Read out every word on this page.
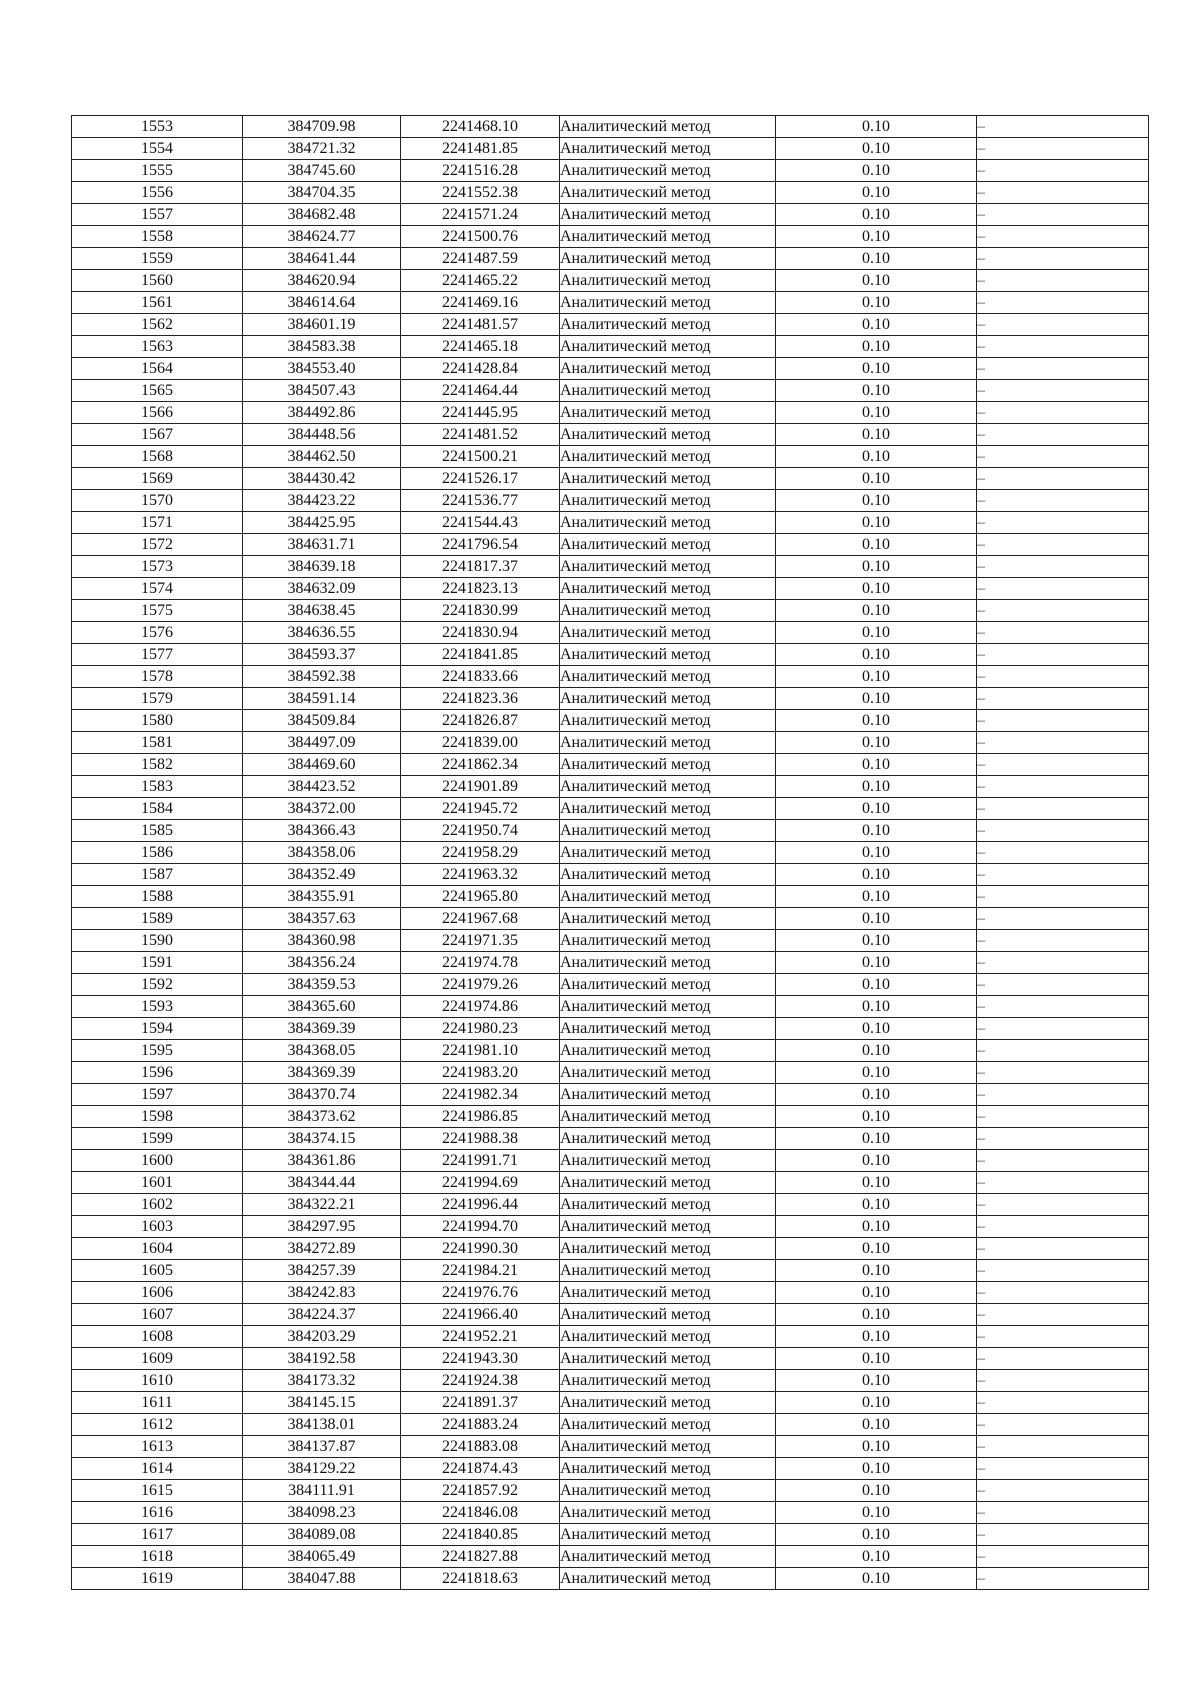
1553	384709.98	2241468.10	Аналитический метод	0.10	–
1554	384721.32	2241481.85	Аналитический метод	0.10	–
1555	384745.60	2241516.28	Аналитический метод	0.10	–
1556	384704.35	2241552.38	Аналитический метод	0.10	–
1557	384682.48	2241571.24	Аналитический метод	0.10	–
1558	384624.77	2241500.76	Аналитический метод	0.10	–
1559	384641.44	2241487.59	Аналитический метод	0.10	–
1560	384620.94	2241465.22	Аналитический метод	0.10	–
1561	384614.64	2241469.16	Аналитический метод	0.10	–
1562	384601.19	2241481.57	Аналитический метод	0.10	–
1563	384583.38	2241465.18	Аналитический метод	0.10	–
1564	384553.40	2241428.84	Аналитический метод	0.10	–
1565	384507.43	2241464.44	Аналитический метод	0.10	–
1566	384492.86	2241445.95	Аналитический метод	0.10	–
1567	384448.56	2241481.52	Аналитический метод	0.10	–
1568	384462.50	2241500.21	Аналитический метод	0.10	–
1569	384430.42	2241526.17	Аналитический метод	0.10	–
1570	384423.22	2241536.77	Аналитический метод	0.10	–
1571	384425.95	2241544.43	Аналитический метод	0.10	–
1572	384631.71	2241796.54	Аналитический метод	0.10	–
1573	384639.18	2241817.37	Аналитический метод	0.10	–
1574	384632.09	2241823.13	Аналитический метод	0.10	–
1575	384638.45	2241830.99	Аналитический метод	0.10	–
1576	384636.55	2241830.94	Аналитический метод	0.10	–
1577	384593.37	2241841.85	Аналитический метод	0.10	–
1578	384592.38	2241833.66	Аналитический метод	0.10	–
1579	384591.14	2241823.36	Аналитический метод	0.10	–
1580	384509.84	2241826.87	Аналитический метод	0.10	–
1581	384497.09	2241839.00	Аналитический метод	0.10	–
1582	384469.60	2241862.34	Аналитический метод	0.10	–
1583	384423.52	2241901.89	Аналитический метод	0.10	–
1584	384372.00	2241945.72	Аналитический метод	0.10	–
1585	384366.43	2241950.74	Аналитический метод	0.10	–
1586	384358.06	2241958.29	Аналитический метод	0.10	–
1587	384352.49	2241963.32	Аналитический метод	0.10	–
1588	384355.91	2241965.80	Аналитический метод	0.10	–
1589	384357.63	2241967.68	Аналитический метод	0.10	–
1590	384360.98	2241971.35	Аналитический метод	0.10	–
1591	384356.24	2241974.78	Аналитический метод	0.10	–
1592	384359.53	2241979.26	Аналитический метод	0.10	–
1593	384365.60	2241974.86	Аналитический метод	0.10	–
1594	384369.39	2241980.23	Аналитический метод	0.10	–
1595	384368.05	2241981.10	Аналитический метод	0.10	–
1596	384369.39	2241983.20	Аналитический метод	0.10	–
1597	384370.74	2241982.34	Аналитический метод	0.10	–
1598	384373.62	2241986.85	Аналитический метод	0.10	–
1599	384374.15	2241988.38	Аналитический метод	0.10	–
1600	384361.86	2241991.71	Аналитический метод	0.10	–
1601	384344.44	2241994.69	Аналитический метод	0.10	–
1602	384322.21	2241996.44	Аналитический метод	0.10	–
1603	384297.95	2241994.70	Аналитический метод	0.10	–
1604	384272.89	2241990.30	Аналитический метод	0.10	–
1605	384257.39	2241984.21	Аналитический метод	0.10	–
1606	384242.83	2241976.76	Аналитический метод	0.10	–
1607	384224.37	2241966.40	Аналитический метод	0.10	–
1608	384203.29	2241952.21	Аналитический метод	0.10	–
1609	384192.58	2241943.30	Аналитический метод	0.10	–
1610	384173.32	2241924.38	Аналитический метод	0.10	–
1611	384145.15	2241891.37	Аналитический метод	0.10	–
1612	384138.01	2241883.24	Аналитический метод	0.10	–
1613	384137.87	2241883.08	Аналитический метод	0.10	–
1614	384129.22	2241874.43	Аналитический метод	0.10	–
1615	384111.91	2241857.92	Аналитический метод	0.10	–
1616	384098.23	2241846.08	Аналитический метод	0.10	–
1617	384089.08	2241840.85	Аналитический метод	0.10	–
1618	384065.49	2241827.88	Аналитический метод	0.10	–
1619	384047.88	2241818.63	Аналитический метод	0.10	–
